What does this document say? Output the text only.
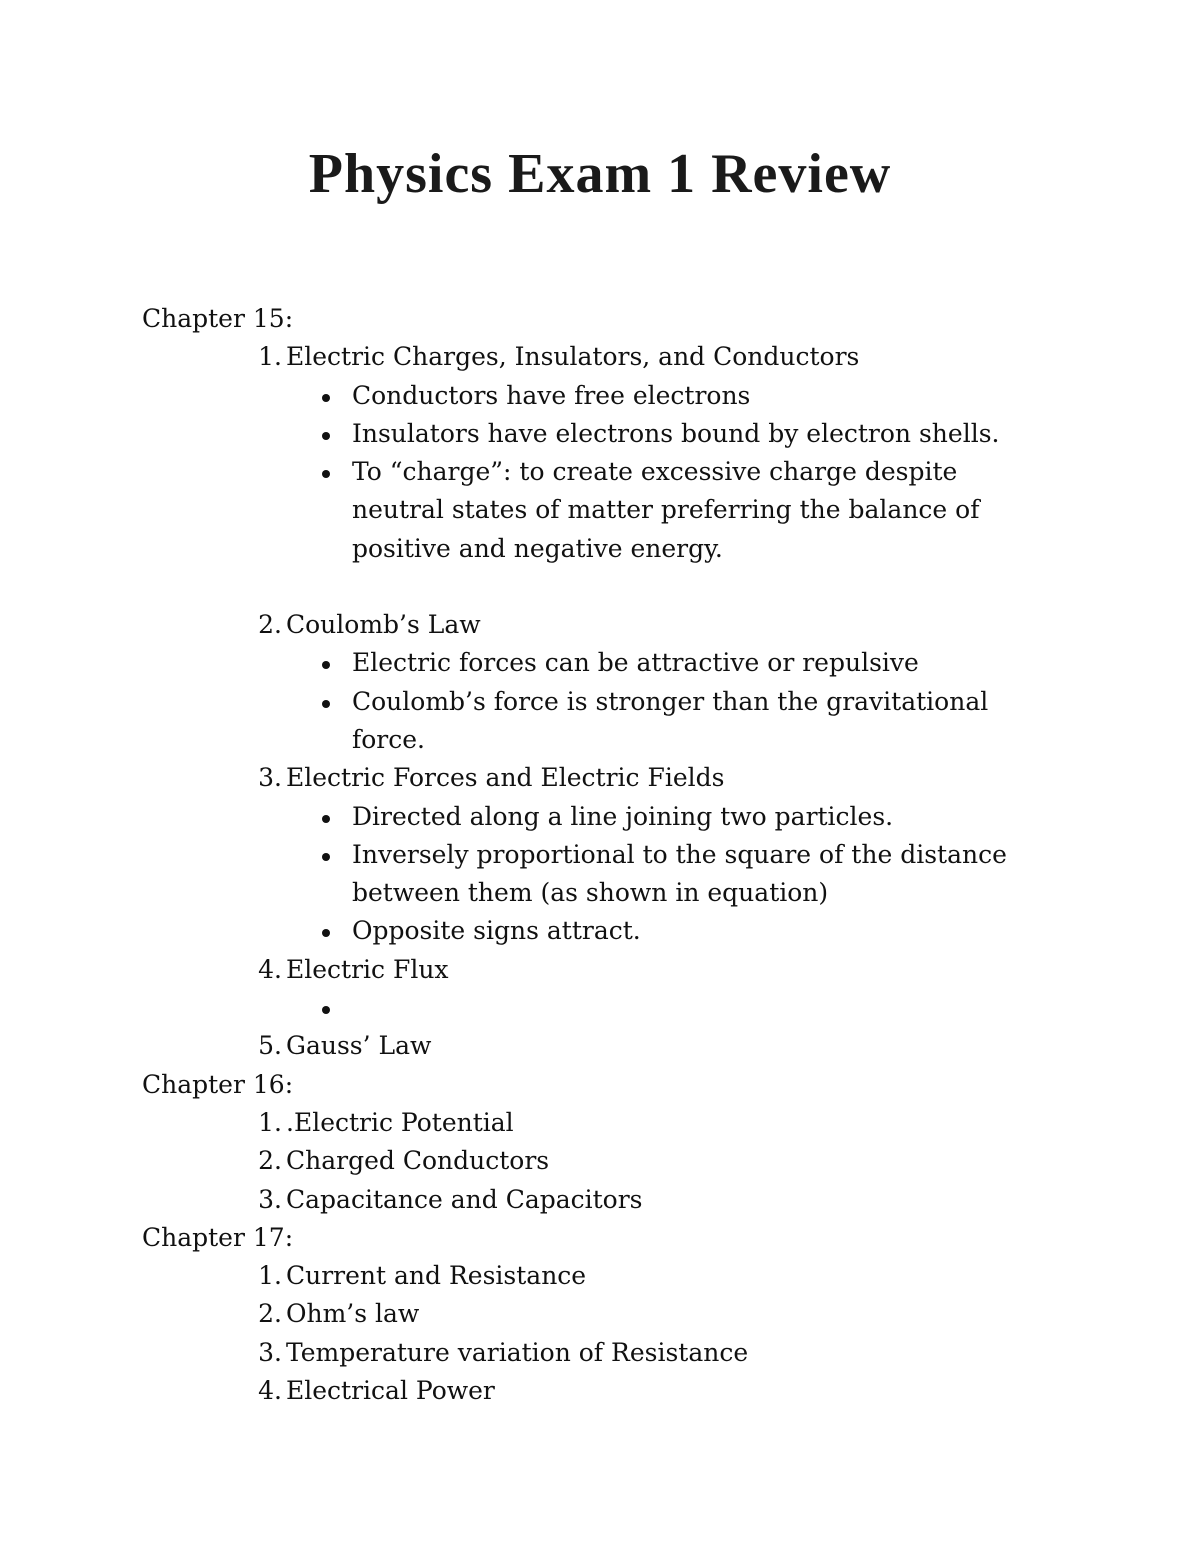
Physics Exam 1 Review
Chapter 15:
1. Electric Charges, Insulators, and Conductors
Conductors have free electrons
Insulators have electrons bound by electron shells.
To “charge”: to create excessive charge despite neutral states of matter preferring the balance of positive and negative energy.
2. Coulomb’s Law
Electric forces can be attractive or repulsive
Coulomb’s force is stronger than the gravitational force.
3. Electric Forces and Electric Fields
Directed along a line joining two particles.
Inversely proportional to the square of the distance between them (as shown in equation)
Opposite signs attract.
4. Electric Flux

5. Gauss’ Law
Chapter 16:
1. .Electric Potential
2. Charged Conductors
3. Capacitance and Capacitors
Chapter 17:
1. Current and Resistance
2. Ohm’s law
3. Temperature variation of Resistance
4. Electrical Power
